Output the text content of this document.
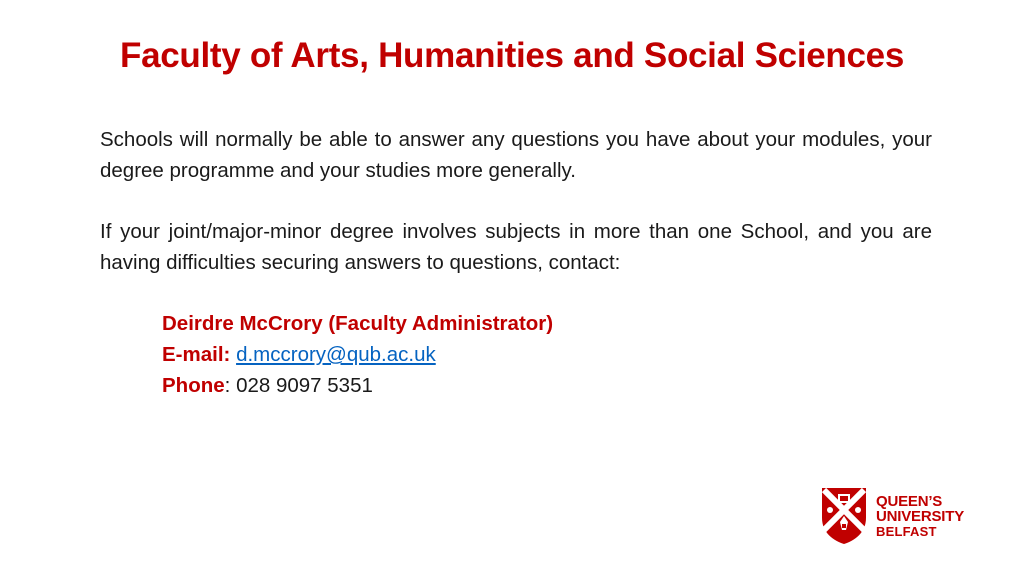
Faculty of Arts, Humanities and Social Sciences

Schools will normally be able to answer any questions you have about your modules, your degree programme and your studies more generally.

If your joint/major-minor degree involves subjects in more than one School, and you are having difficulties securing answers to questions, contact:

Deirdre McCrory (Faculty Administrator)
E-mail: d.mccrory@qub.ac.uk
Phone: 028 9097 5351
QUEEN’S
UNIVERSITY
BELFAST
